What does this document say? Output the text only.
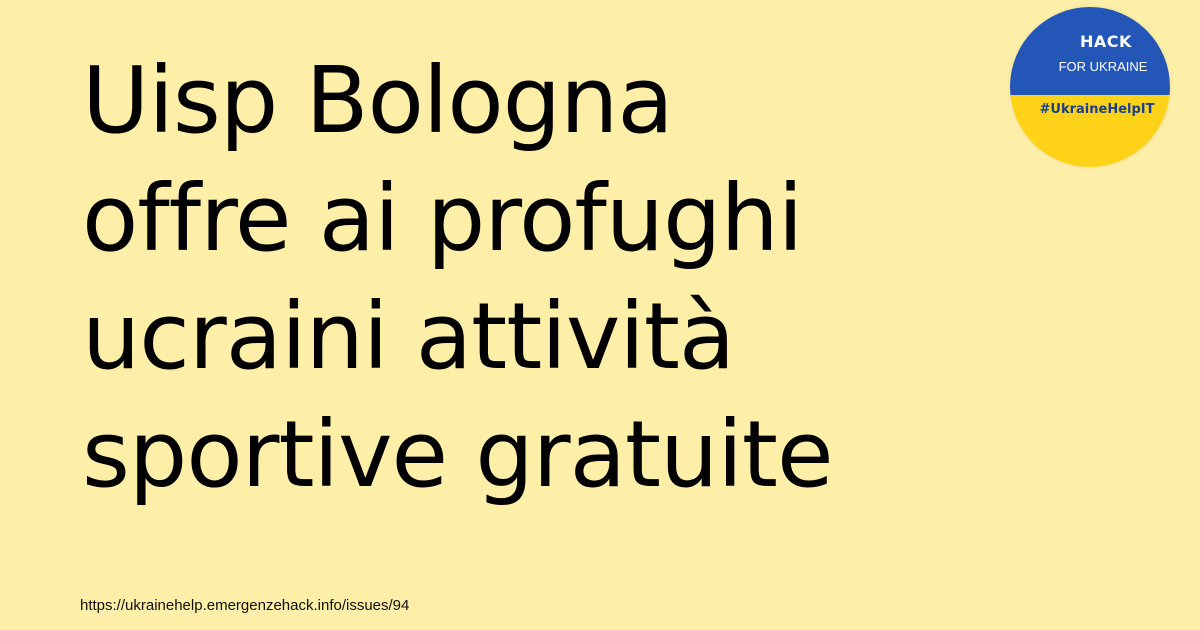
Uisp Bologna
offre ai profughi
ucraini attività
sportive gratuite
HACK
FOR UKRAINE
#UkraineHelpIT
https://ukrainehelp.emergenzehack.info/issues/94
